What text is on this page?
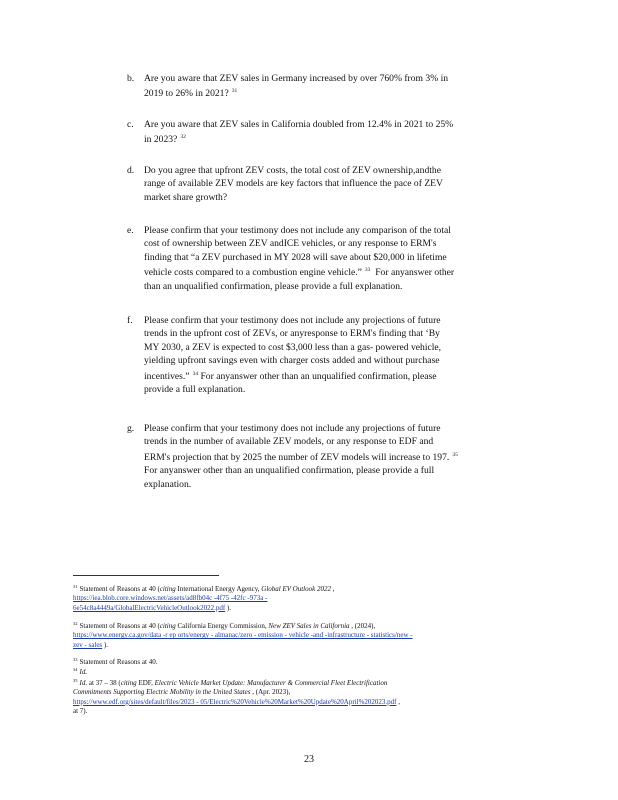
b.	Are you aware that ZEV sales in Germany increased by over 760% from 3% in
2019 to 26% in 2021? $^{31}$
c.	Are you aware that ZEV sales in California doubled from 12.4% in 2021 to 25%
in 2023? $^{32}$
d.	Do you agree that upfront ZEV costs, the total cost of ZEV ownership,andthe
range of available ZEV models are key factors that influence the pace of ZEV
market share growth?
e.	Please confirm that your testimony does not include any comparison of the total
cost of ownership between ZEV andICE vehicles, or any response to ERM's
finding that “a ZEV purchased in MY 2028 will save about $20,000 in lifetime
vehicle costs compared to a combustion engine vehicle.” $^{33}$ For anyanswer other
than an unqualified confirmation, please provide a full explanation.
f.	Please confirm that your testimony does not include any projections of future
trends in the upfront cost of ZEVs, or anyresponse to ERM's finding that ‘By
MY 2030, a ZEV is expected to cost $3,000 less than a gas- powered vehicle,
yielding upfront savings even with charger costs added and without purchase
incentives.” $^{34}$ For anyanswer other than an unqualified confirmation, please
provide a full explanation.
g.	Please confirm that your testimony does not include any projections of future
trends in the number of available ZEV models, or any response to EDF and
ERM's projection that by 2025 the number of ZEV models will increase to 197. $^{35}$
For anyanswer other than an unqualified confirmation, please provide a full
explanation.
$^{31}$ Statement of Reasons at 40 (citing International Energy Agency, Global EV Outlook 2022 ,
https://iea.blob.core.windows.net/assets/ad8fb04c -4f75 -42fc -973a -
6e54c8a4449a/GlobalElectricVehicleOutlook2022.pdf ).
$^{32}$ Statement of Reasons at 40 (citing California Energy Commission, New ZEV Sales in California , (2024),
https://www.energy.ca.gov/data -r ep orts/energy - almanac/zero - emission - vehicle -and -infrastructure - statistics/new -
zev - sales ).
$^{33}$ Statement of Reasons at 40.
$^{34}$ Id.
$^{35}$ Id. at 37 – 38 (citing EDF, Electric Vehicle Market Update: Manufacturer & Commercial Fleet Electrification
Commitments Supporting Electric Mobility in the United States , (Apr. 2023),
https://www.edf.org/sites/default/files/2023 - 05/Electric%20Vehicle%20Market%20Update%20April%202023.pdf ,
at 7).
23
